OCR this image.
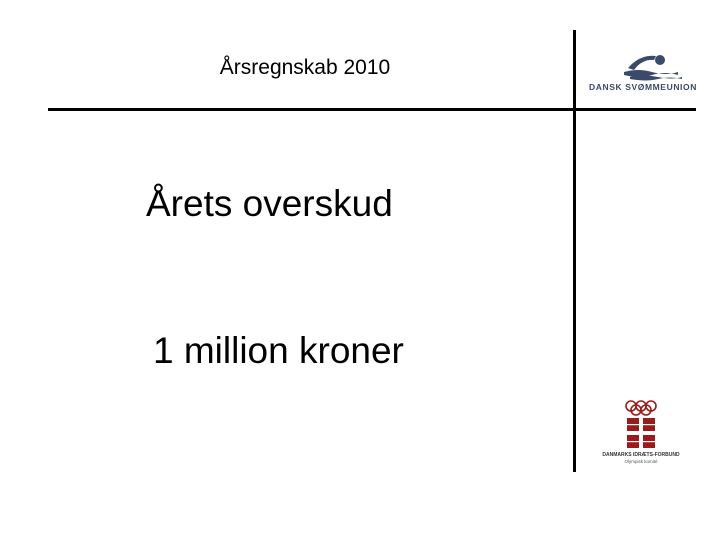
Årsregnskab 2010
DANSK SVØMMEUNION
Årets overskud
1 million kroner
DANMARKS IDRÆTS-FORBUND
Olympisk komité
